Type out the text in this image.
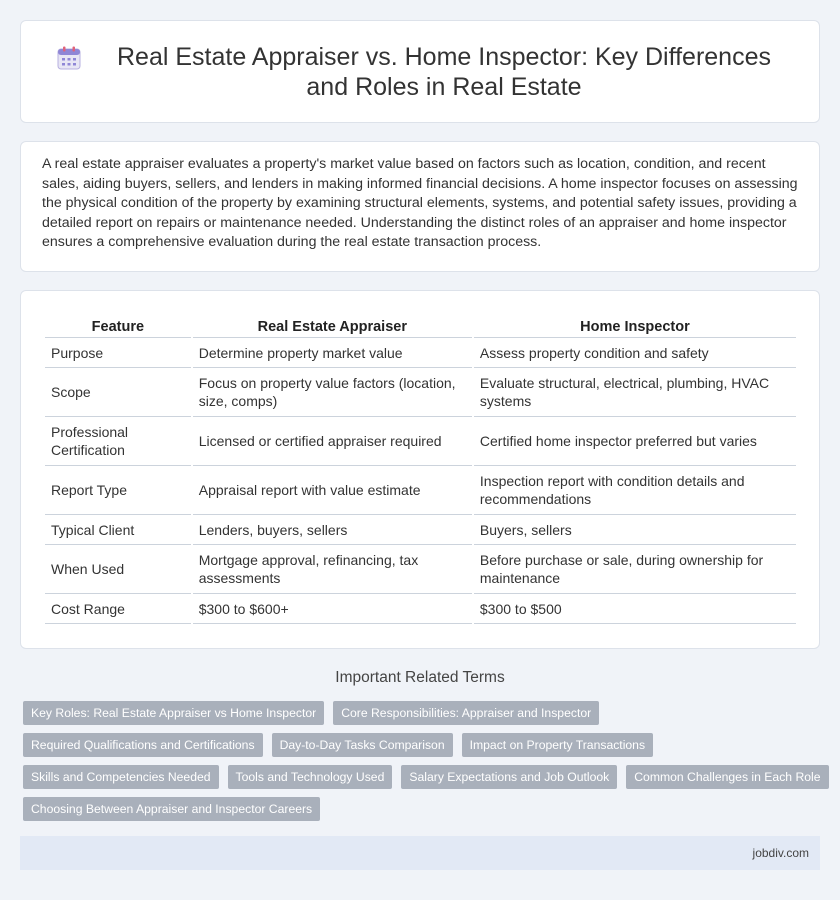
Real Estate Appraiser vs. Home Inspector: Key Differences and Roles in Real Estate

A real estate appraiser evaluates a property's market value based on factors such as location, condition, and recent sales, aiding buyers, sellers, and lenders in making informed financial decisions. A home inspector focuses on assessing the physical condition of the property by examining structural elements, systems, and potential safety issues, providing a detailed report on repairs or maintenance needed. Understanding the distinct roles of an appraiser and home inspector ensures a comprehensive evaluation during the real estate transaction process.

Feature	Real Estate Appraiser	Home Inspector
Purpose	Determine property market value	Assess property condition and safety
Scope	Focus on property value factors (location, size, comps)	Evaluate structural, electrical, plumbing, HVAC systems
Professional Certification	Licensed or certified appraiser required	Certified home inspector preferred but varies
Report Type	Appraisal report with value estimate	Inspection report with condition details and recommendations
Typical Client	Lenders, buyers, sellers	Buyers, sellers
When Used	Mortgage approval, refinancing, tax assessments	Before purchase or sale, during ownership for maintenance
Cost Range	$300 to $600+	$300 to $500
Important Related Terms
Key Roles: Real Estate Appraiser vs Home Inspector	Core Responsibilities: Appraiser and Inspector
Required Qualifications and Certifications	Day-to-Day Tasks Comparison	Impact on Property Transactions
Skills and Competencies Needed	Tools and Technology Used	Salary Expectations and Job Outlook	Common Challenges in Each Role
Choosing Between Appraiser and Inspector Careers
jobdiv.com
